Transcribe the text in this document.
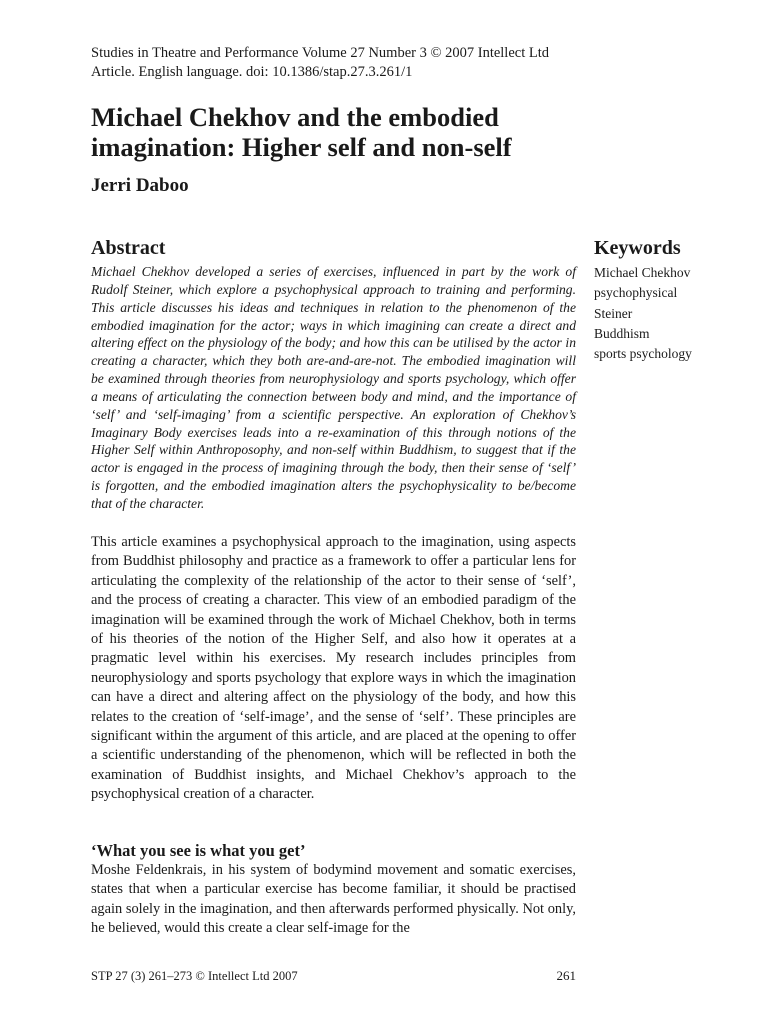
Studies in Theatre and Performance Volume 27 Number 3 © 2007 Intellect Ltd
Article. English language. doi: 10.1386/stap.27.3.261/1
Michael Chekhov and the embodied imagination: Higher self and non-self
Jerri Daboo
Abstract

Michael Chekhov developed a series of exercises, influenced in part by the work of Rudolf Steiner, which explore a psychophysical approach to training and performing. This article discusses his ideas and techniques in relation to the phenomenon of the embodied imagination for the actor; ways in which imagining can create a direct and altering effect on the physiology of the body; and how this can be utilised by the actor in creating a character, which they both are-and-are-not. The embodied imagination will be examined through theories from neurophysiology and sports psychology, which offer a means of articulating the connection between body and mind, and the importance of ‘self’ and ‘self-imaging’ from a scientific perspective. An exploration of Chekhov’s Imaginary Body exercises leads into a re-examination of this through notions of the Higher Self within Anthroposophy, and non-self within Buddhism, to suggest that if the actor is engaged in the process of imagining through the body, then their sense of ‘self’ is forgotten, and the embodied imagination alters the psychophysicality to be/become that of the character.

Keywords
Michael Chekhov
psychophysical
Steiner
Buddhism
sports psychology

This article examines a psychophysical approach to the imagination, using aspects from Buddhist philosophy and practice as a framework to offer a particular lens for articulating the complexity of the relationship of the actor to their sense of ‘self’, and the process of creating a character. This view of an embodied paradigm of the imagination will be examined through the work of Michael Chekhov, both in terms of his theories of the notion of the Higher Self, and also how it operates at a pragmatic level within his exercises. My research includes principles from neurophysiology and sports psychology that explore ways in which the imagination can have a direct and altering affect on the physiology of the body, and how this relates to the creation of ‘self-image’, and the sense of ‘self’. These principles are significant within the argument of this article, and are placed at the opening to offer a scientific understanding of the phenomenon, which will be reflected in both the examination of Buddhist insights, and Michael Chekhov’s approach to the psychophysical creation of a character.

‘What you see is what you get’

Moshe Feldenkrais, in his system of bodymind movement and somatic exercises, states that when a particular exercise has become familiar, it should be practised again solely in the imagination, and then afterwards performed physically. Not only, he believed, would this create a clear self-image for the

STP 27 (3) 261–273 © Intellect Ltd 2007	261
